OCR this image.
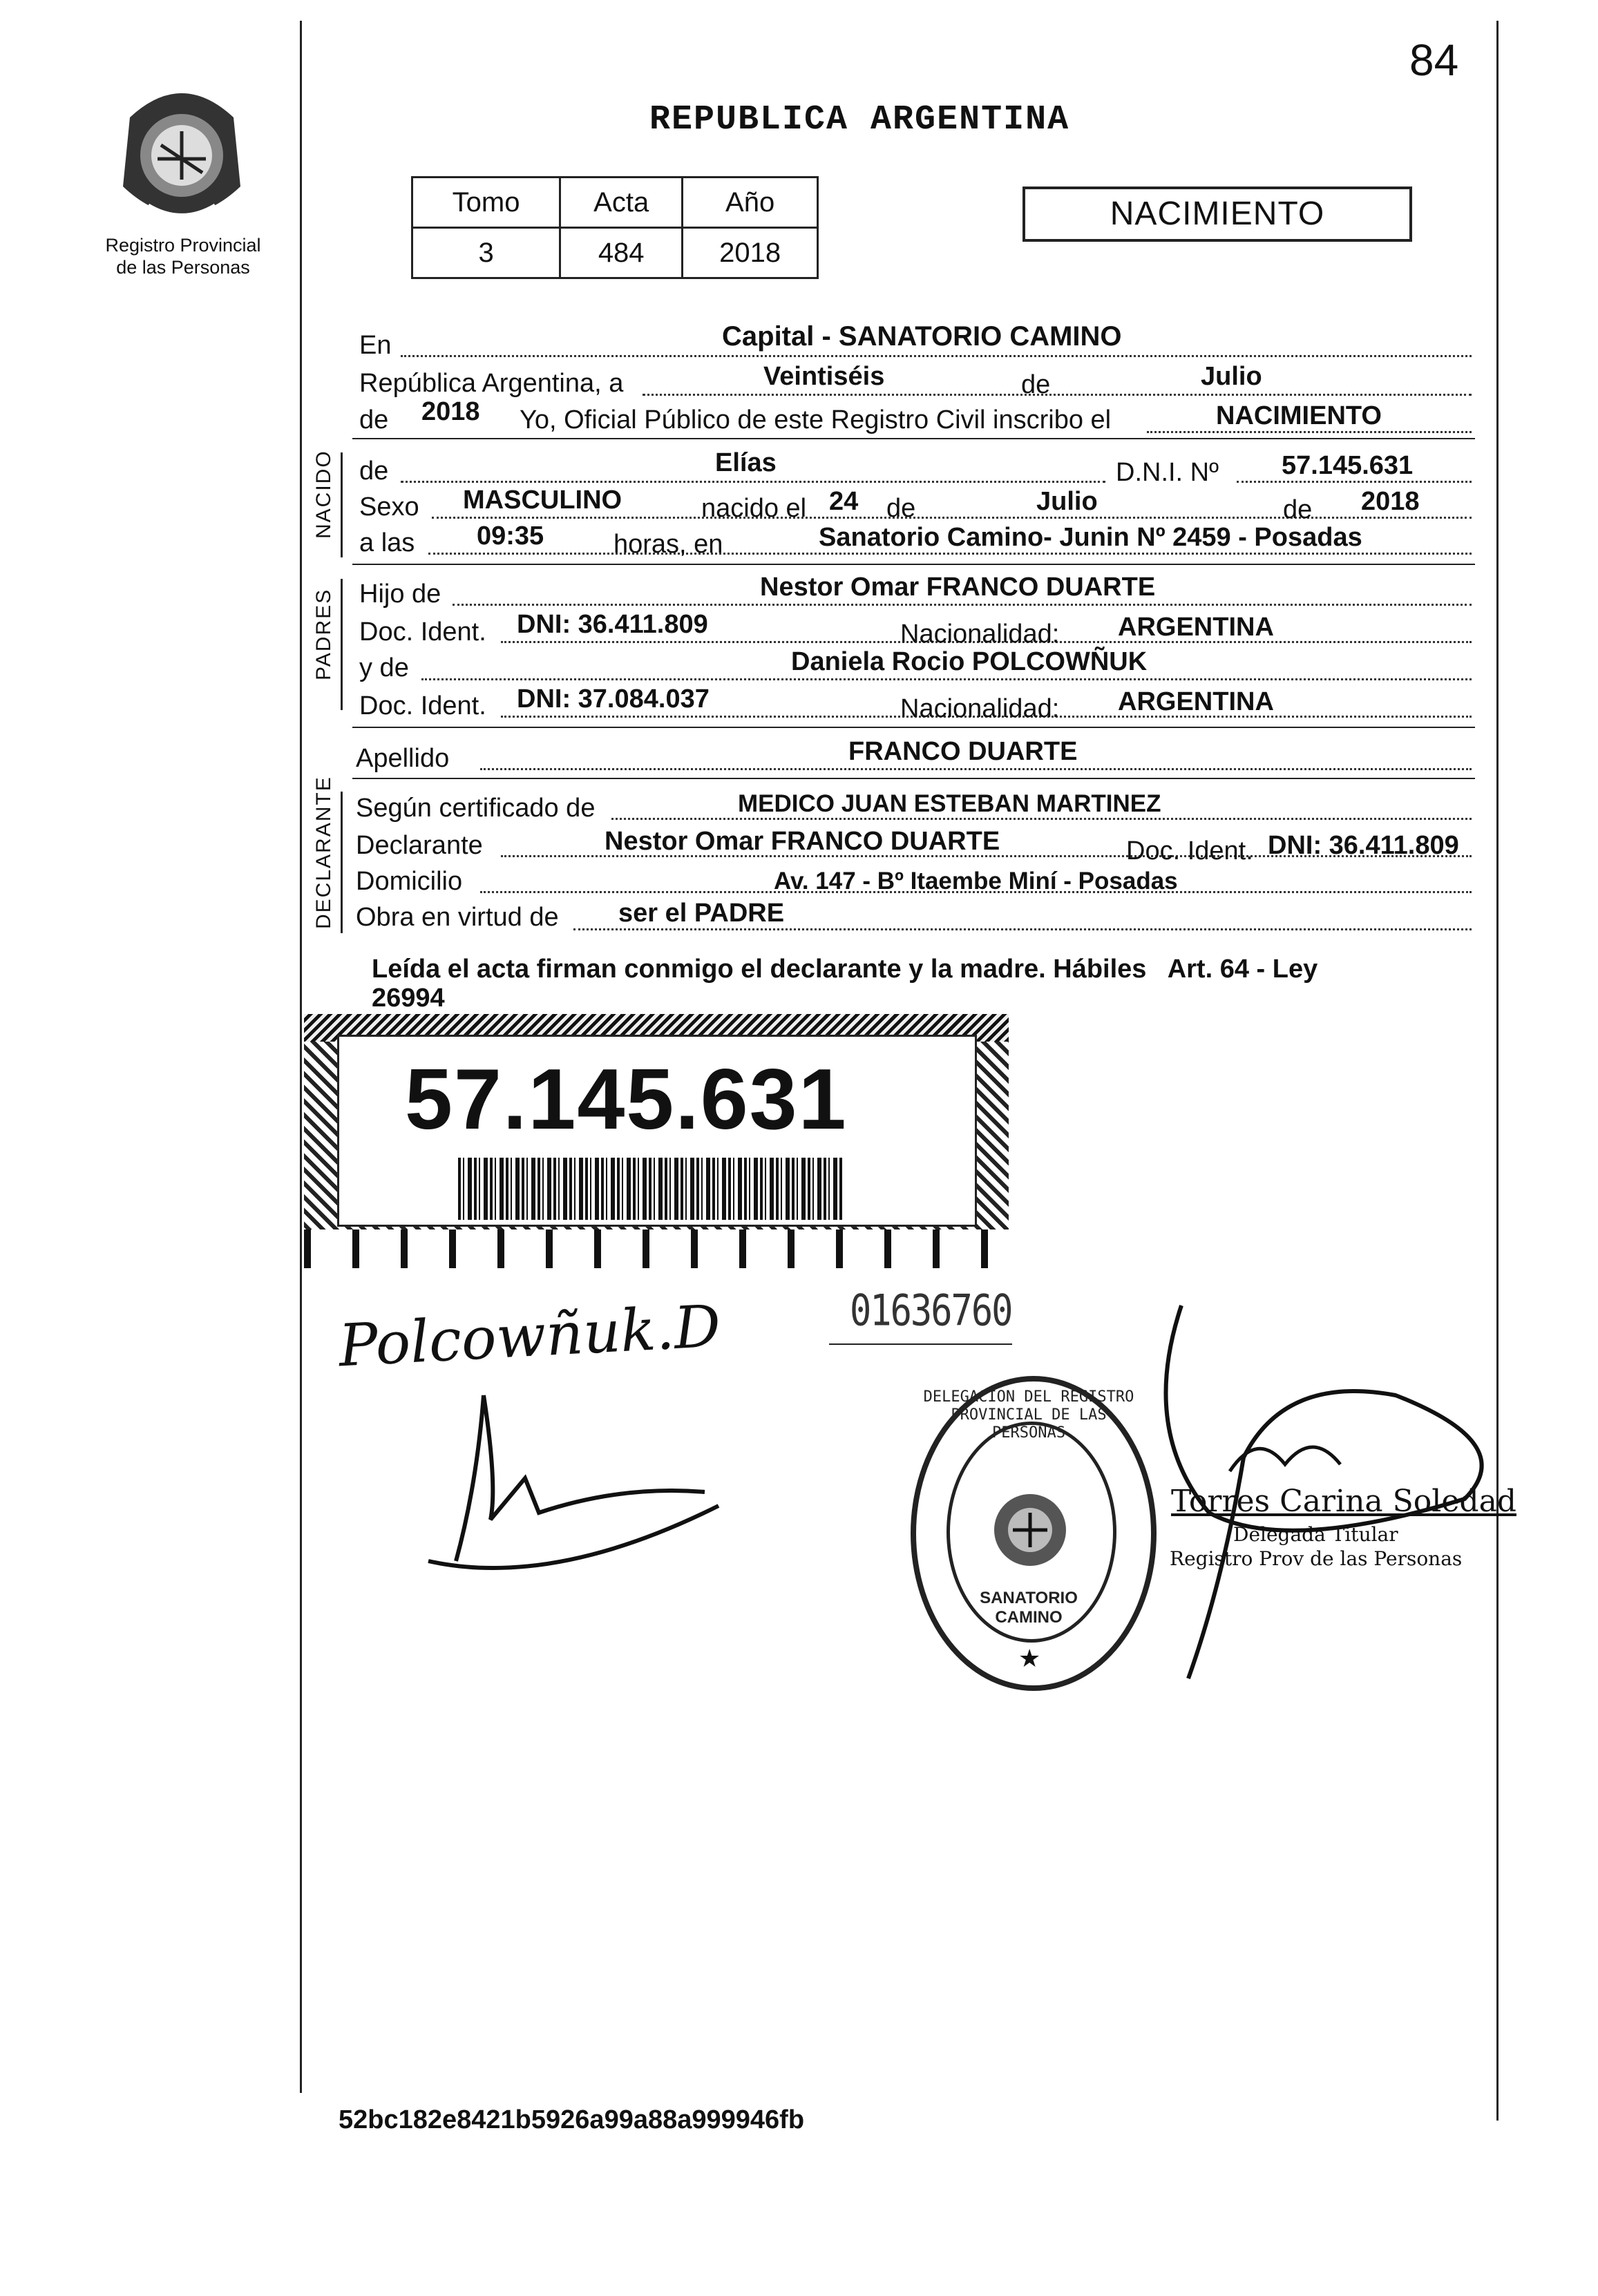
84
Registro Provincial
de las Personas
REPUBLICA ARGENTINA
Tomo	Acta	Año
3	484	2018
NACIMIENTO
En	Capital - SANATORIO CAMINO
República Argentina, a	Veintiséis	de	Julio
de 2018 Yo, Oficial Público de este Registro Civil inscribo el	NACIMIENTO
NACIDO de	Elías	D.N.I. Nº 57.145.631
Sexo MASCULINO	nacido el 24 de	Julio	de 2018
a las 09:35	horas, en	Sanatorio Camino- Junin Nº 2459 - Posadas
PADRES Hijo de	Nestor Omar FRANCO DUARTE
Doc. Ident. DNI: 36.411.809	Nacionalidad: ARGENTINA
y de	Daniela Rocio POLCOWÑUK
Doc. Ident. DNI: 37.084.037	Nacionalidad: ARGENTINA
Apellido	FRANCO DUARTE
DECLARANTE Según certificado de	MEDICO JUAN ESTEBAN MARTINEZ
Declarante	Nestor Omar FRANCO DUARTE	Doc. Ident. DNI: 36.411.809
Domicilio	Av. 147 - Bº Itaembe Miní - Posadas
Obra en virtud de ser el PADRE
Leída el acta firman conmigo el declarante y la madre. Hábiles   Art. 64 - Ley
26994
57.145.631
01636760
Polcowñuk.D
DELEGACION DEL REGISTRO PROVINCIAL DE LAS PERSONAS
SANATORIO CAMINO
★
Torres Carina Soledad
Delegada Titular
Registro Prov de las Personas
52bc182e8421b5926a99a88a999946fb
